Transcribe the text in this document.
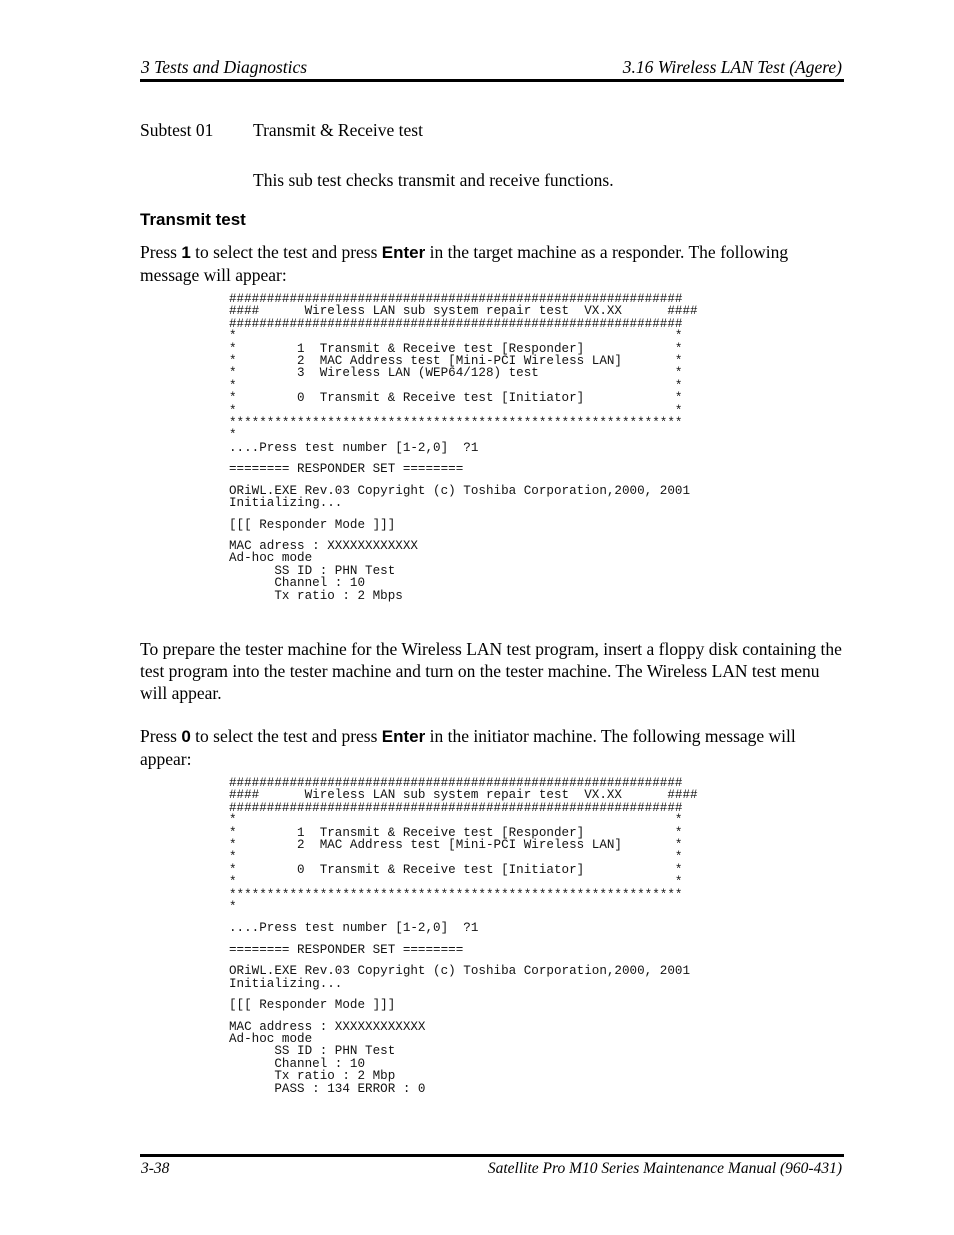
3 Tests and Diagnostics	3.16 Wireless LAN Test (Agere)
Subtest 01 Transmit & Receive test
This sub test checks transmit and receive functions.
Transmit test
Press 1 to select the test and press Enter in the target machine as a responder. The following message will appear:
############################################################
####      Wireless LAN sub system repair test  VX.XX      ####
############################################################
*                                                          *
*        1  Transmit & Receive test [Responder]            *
*        2  MAC Address test [Mini-PCI Wireless LAN]       *
*        3  Wireless LAN (WEP64/128) test                  *
*                                                          *
*        0  Transmit & Receive test [Initiator]            *
*                                                          *
************************************************************
*
....Press test number [1-2,0]  ?1
======== RESPONDER SET ========
ORiWL.EXE Rev.03 Copyright (c) Toshiba Corporation,2000, 2001
Initializing...
[[[ Responder Mode ]]]
MAC adress : XXXXXXXXXXXX
Ad-hoc mode
SS ID : PHN Test
Channel : 10
Tx ratio : 2 Mbps
To prepare the tester machine for the Wireless LAN test program, insert a floppy disk containing the test program into the tester machine and turn on the tester machine. The Wireless LAN test menu will appear.
Press 0 to select the test and press Enter in the initiator machine. The following message will appear:
############################################################
####      Wireless LAN sub system repair test  VX.XX      ####
############################################################
*                                                          *
*        1  Transmit & Receive test [Responder]            *
*        2  MAC Address test [Mini-PCI Wireless LAN]       *
*                                                          *
*        0  Transmit & Receive test [Initiator]            *
*                                                          *
************************************************************
*
....Press test number [1-2,0]  ?1
======== RESPONDER SET ========
ORiWL.EXE Rev.03 Copyright (c) Toshiba Corporation,2000, 2001
Initializing...
[[[ Responder Mode ]]]
MAC address : XXXXXXXXXXXX
Ad-hoc mode
SS ID : PHN Test
Channel : 10
Tx ratio : 2 Mbp
PASS : 134 ERROR : 0
3-38	Satellite Pro M10 Series Maintenance Manual (960-431)
